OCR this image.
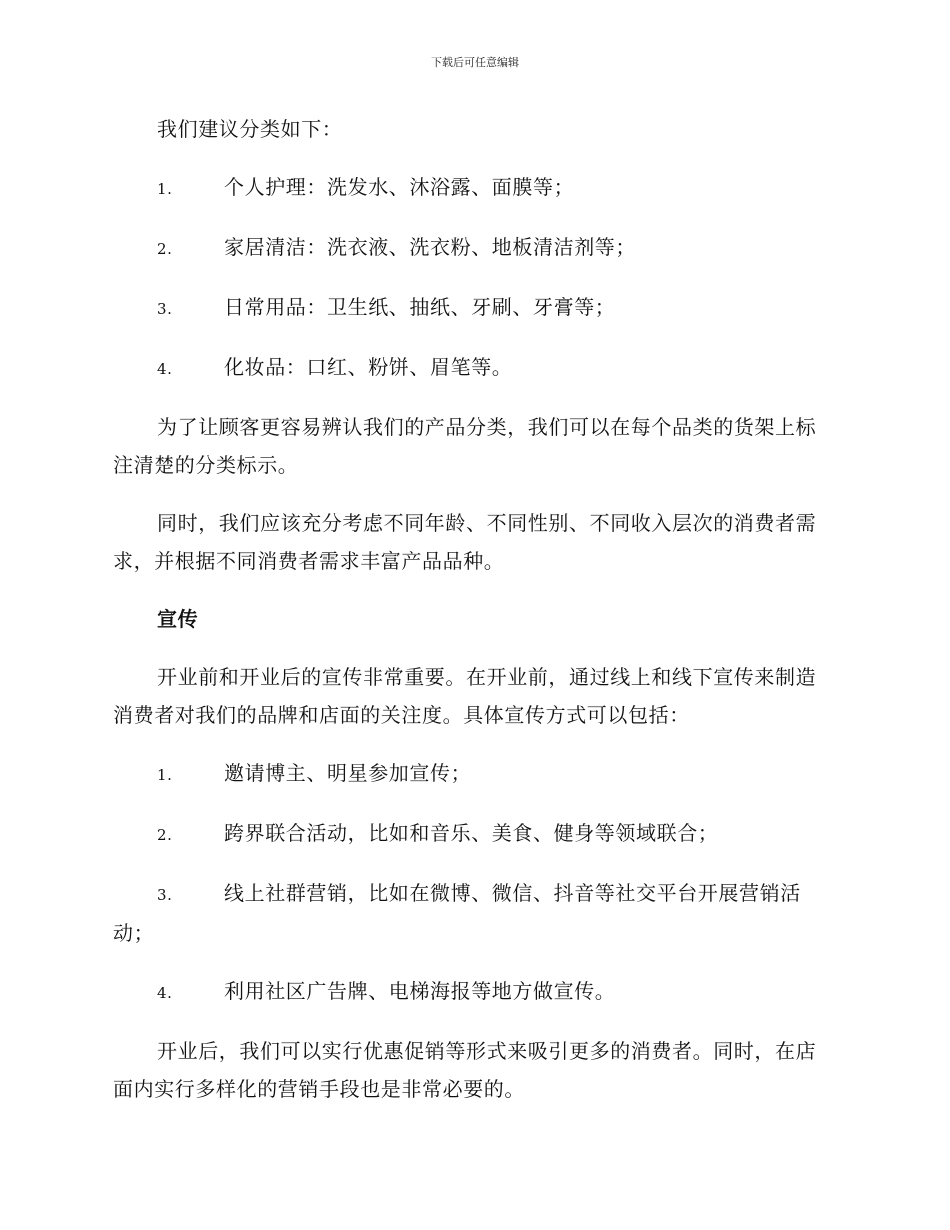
下载后可任意编辑

我们建议分类如下：

1.	个人护理：洗发水、沐浴露、面膜等；
2.	家居清洁：洗衣液、洗衣粉、地板清洁剂等；
3.	日常用品：卫生纸、抽纸、牙刷、牙膏等；
4.	化妆品：口红、粉饼、眉笔等。

为了让顾客更容易辨认我们的产品分类，我们可以在每个品类的货架上标注清楚的分类标示。

同时，我们应该充分考虑不同年龄、不同性别、不同收入层次的消费者需求，并根据不同消费者需求丰富产品品种。

宣传

开业前和开业后的宣传非常重要。在开业前，通过线上和线下宣传来制造消费者对我们的品牌和店面的关注度。具体宣传方式可以包括：

1.	邀请博主、明星参加宣传；
2.	跨界联合活动，比如和音乐、美食、健身等领域联合；
3.	线上社群营销，比如在微博、微信、抖音等社交平台开展营销活动；
4.	利用社区广告牌、电梯海报等地方做宣传。

开业后，我们可以实行优惠促销等形式来吸引更多的消费者。同时，在店面内实行多样化的营销手段也是非常必要的。
